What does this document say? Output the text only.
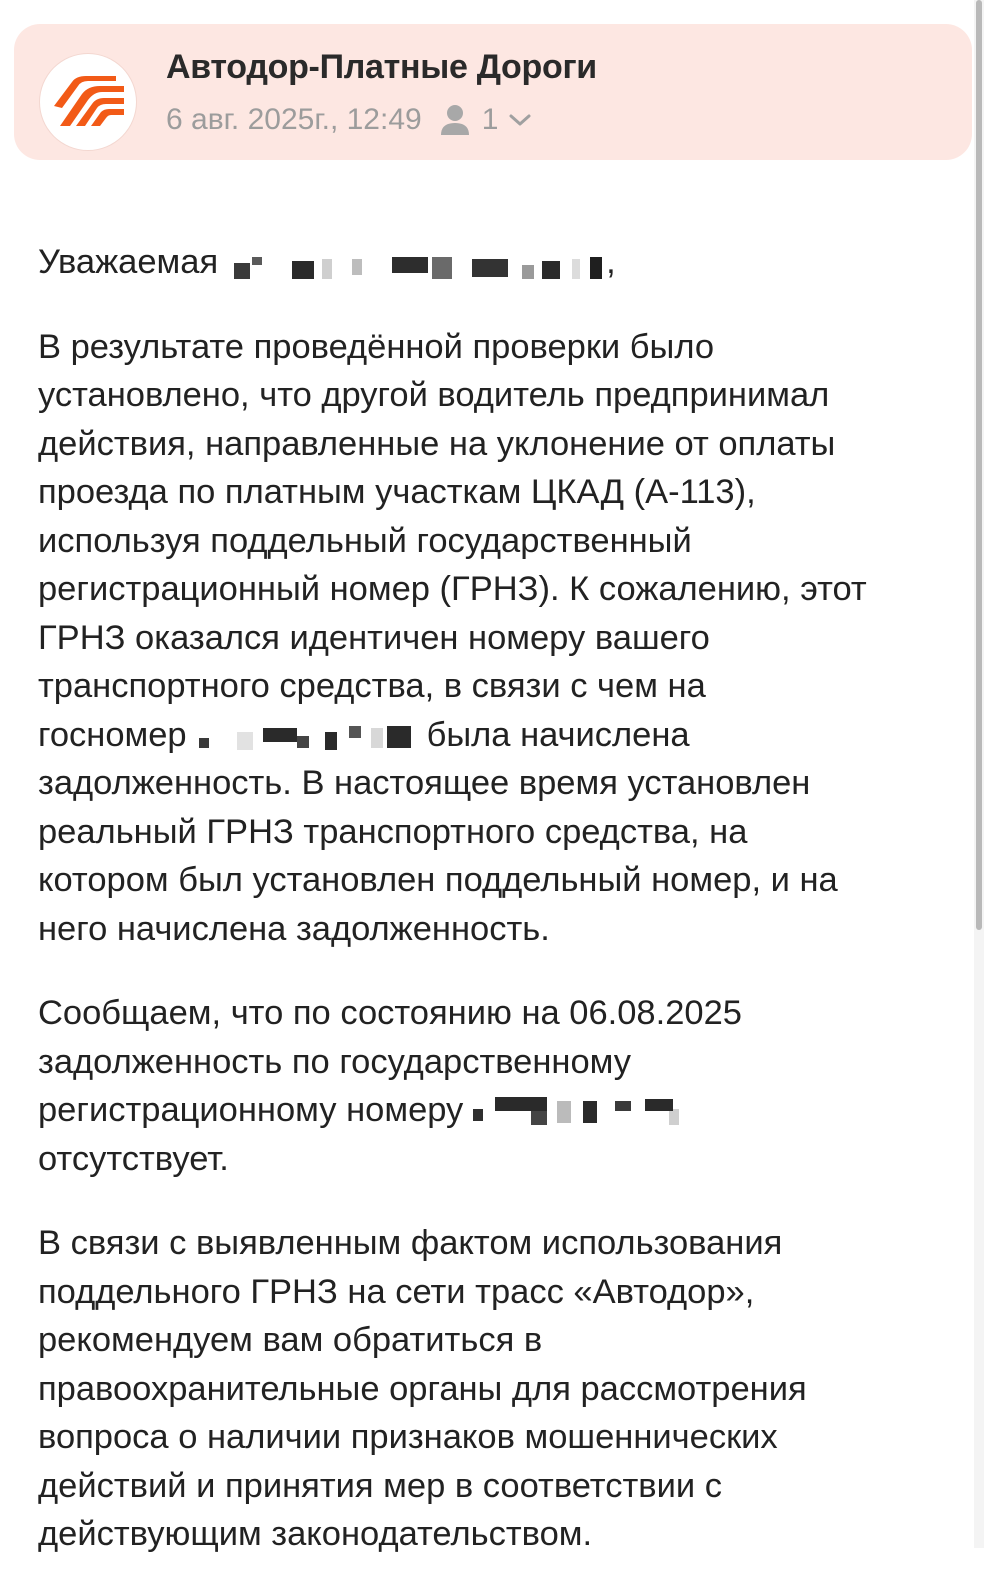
Автодор-Платные Дороги
6 авг. 2025г., 12:49 1
Уважаемая	,
В результате проведённой проверки было
установлено, что другой водитель предпринимал
действия, направленные на уклонение от оплаты
проезда по платным участкам ЦКАД (А-113),
используя поддельный государственный
регистрационный номер (ГРНЗ). К сожалению, этот
ГРНЗ оказался идентичен номеру вашего
транспортного средства, в связи с чем на
госномер	была начислена
задолженность. В настоящее время установлен
реальный ГРНЗ транспортного средства, на
котором был установлен поддельный номер, и на
него начислена задолженность.
Сообщаем, что по состоянию на 06.08.2025
задолженность по государственному
регистрационному номеру
отсутствует.
В связи с выявленным фактом использования
поддельного ГРНЗ на сети трасс «Автодор»,
рекомендуем вам обратиться в
правоохранительные органы для рассмотрения
вопроса о наличии признаков мошеннических
действий и принятия мер в соответствии с
действующим законодательством.
